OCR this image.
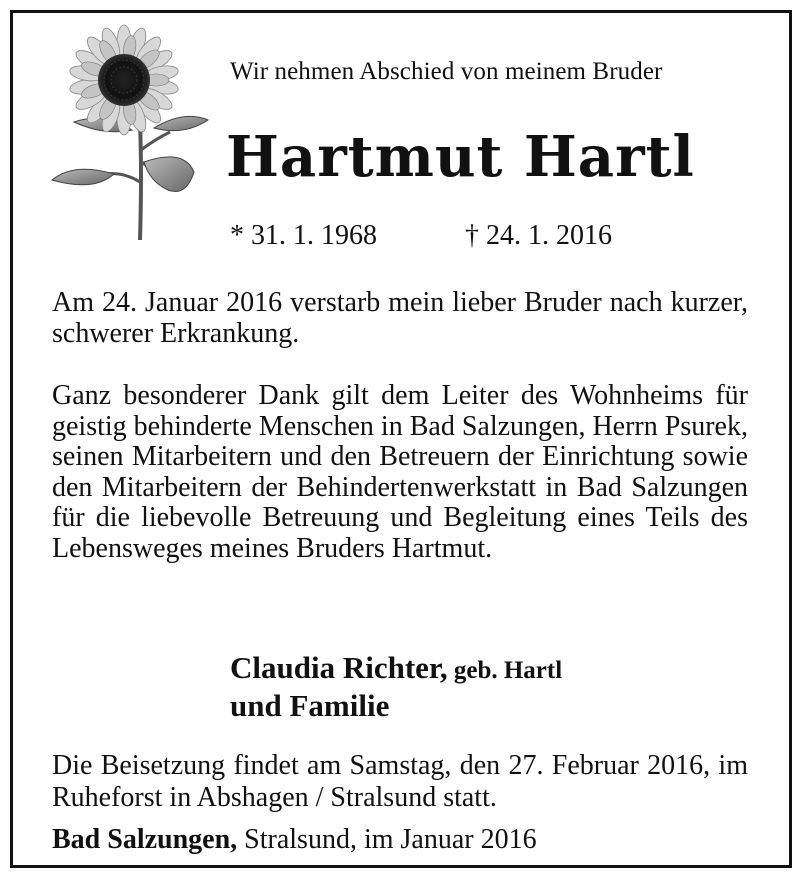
Wir nehmen Abschied von meinem Bruder
Hartmut Hartl
* 31. 1. 1968	† 24. 1. 2016
Am 24. Januar 2016 verstarb mein lieber Bruder nach kurzer, schwerer Erkrankung.
Ganz besonderer Dank gilt dem Leiter des Wohnheims für geistig behinderte Menschen in Bad Salzungen, Herrn Psurek, seinen Mitarbeitern und den Betreuern der Einrichtung sowie den Mitarbeitern der Behindertenwerkstatt in Bad Salzungen für die liebevolle Betreuung und Begleitung eines Teils des Lebensweges meines Bruders Hartmut.
Claudia Richter, geb. Hartl
und Familie
Die Beisetzung findet am Samstag, den 27. Februar 2016, im Ruheforst in Abshagen / Stralsund statt.
Bad Salzungen, Stralsund, im Januar 2016
